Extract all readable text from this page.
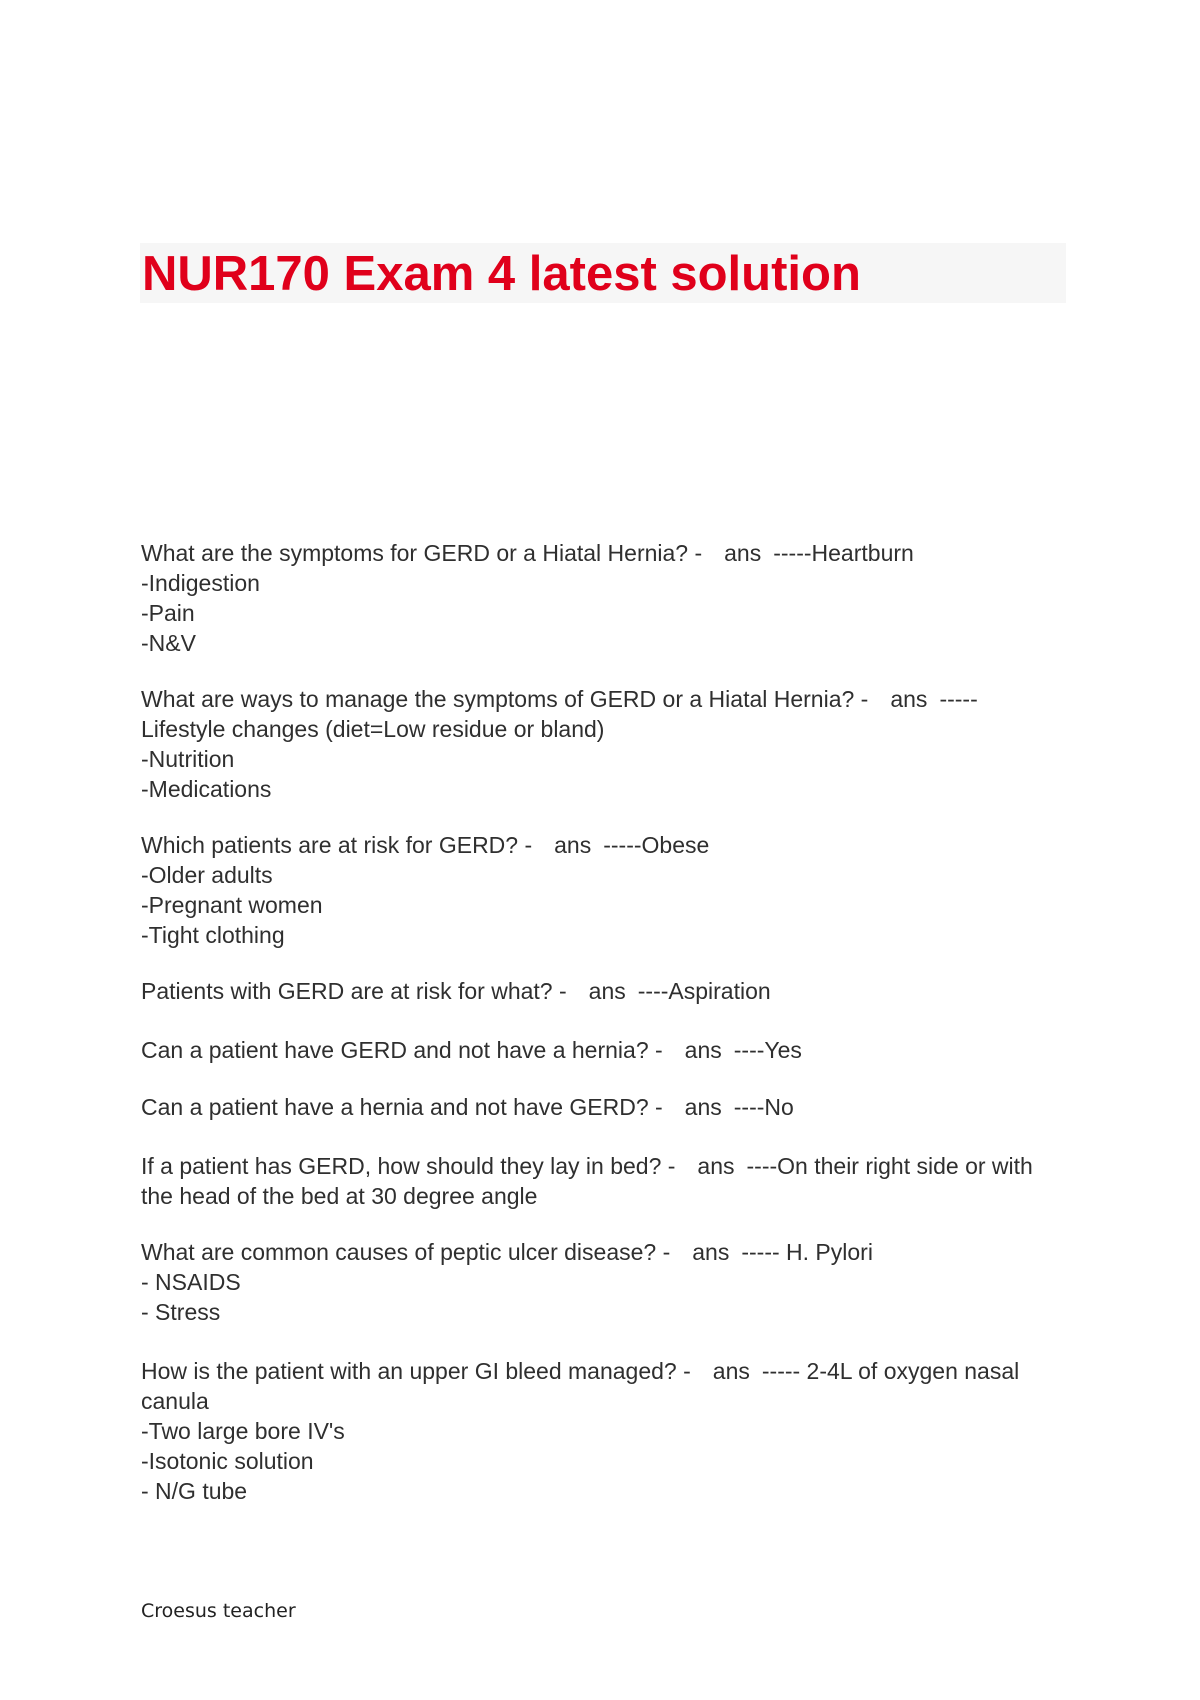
NUR170 Exam 4 latest solution
What are the symptoms for GERD or a Hiatal Hernia? - ans -----Heartburn
-Indigestion
-Pain
-N&V
What are ways to manage the symptoms of GERD or a Hiatal Hernia? - ans -----
Lifestyle changes (diet=Low residue or bland)
-Nutrition
-Medications
Which patients are at risk for GERD? - ans -----Obese
-Older adults
-Pregnant women
-Tight clothing
Patients with GERD are at risk for what? - ans ----Aspiration
Can a patient have GERD and not have a hernia? - ans ----Yes
Can a patient have a hernia and not have GERD? - ans ----No
If a patient has GERD, how should they lay in bed? - ans ----On their right side or with
the head of the bed at 30 degree angle
What are common causes of peptic ulcer disease? - ans ----- H. Pylori
- NSAIDS
- Stress
How is the patient with an upper GI bleed managed? - ans ----- 2-4L of oxygen nasal
canula
-Two large bore IV's
-Isotonic solution
- N/G tube
Croesus teacher
